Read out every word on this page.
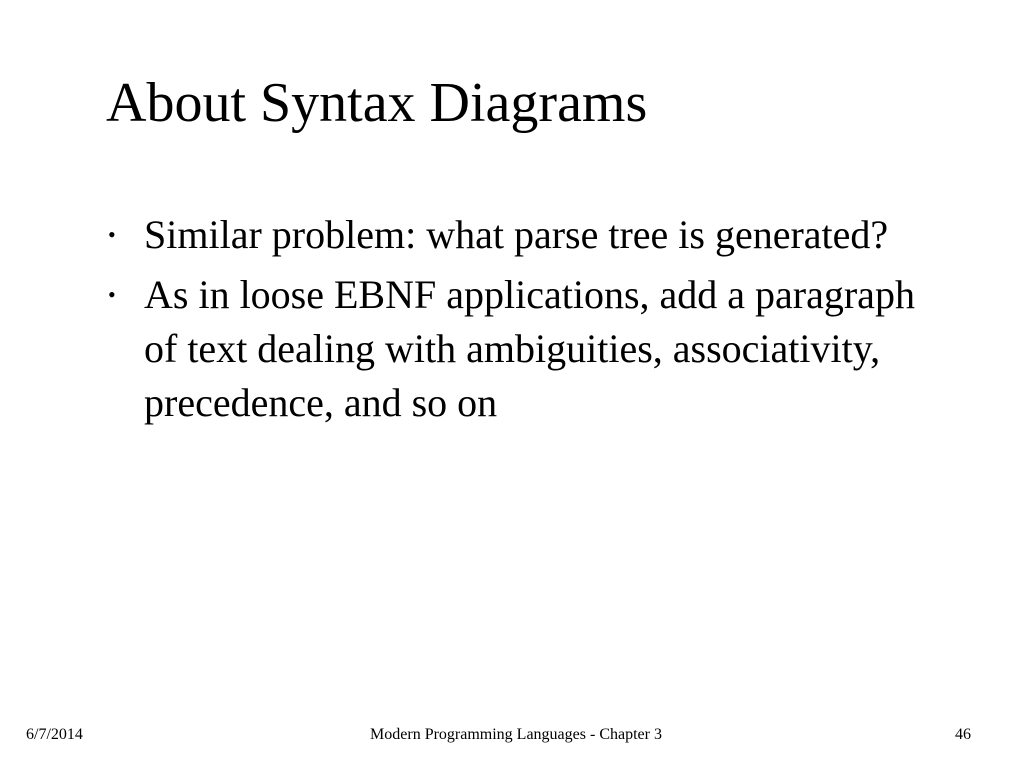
About Syntax Diagrams
• Similar problem: what parse tree is generated?
• As in loose EBNF applications, add a paragraph of text dealing with ambiguities, associativity, precedence, and so on
6/7/2014	Modern Programming Languages - Chapter 3	46
